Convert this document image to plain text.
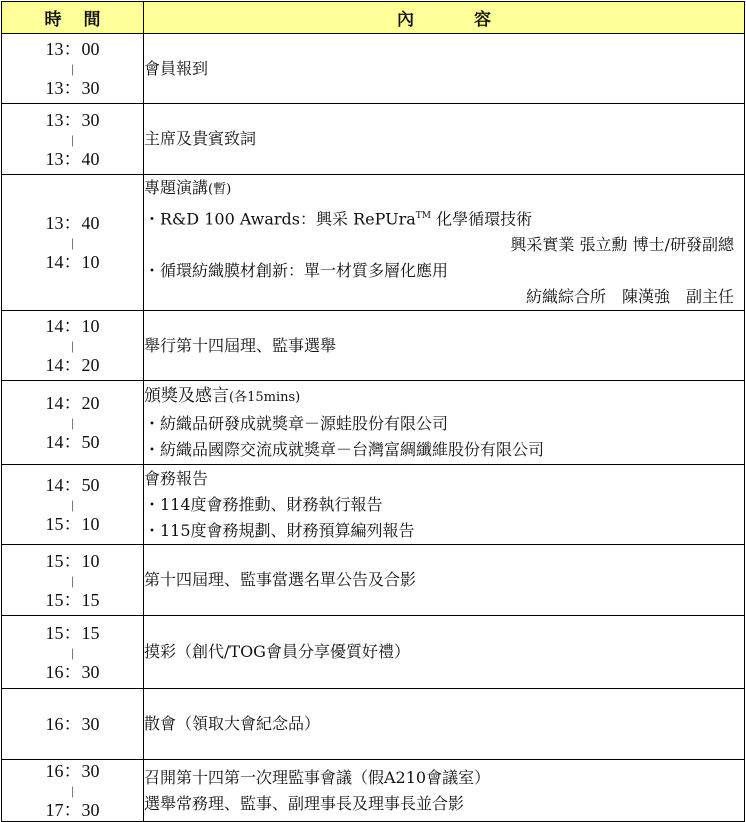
時間	內容

13：00
|
13：30	會員報到

13：30
|
13：40	主席及貴賓致詞

13：40
|
14：10	專題演講(暫)
・R&D 100 Awards：興采 RePUra™ 化學循環技術
興采實業 張立勳 博士/研發副總
・循環紡織膜材創新：單一材質多層化應用
紡織綜合所　陳漢強　副主任

14：10
|
14：20	舉行第十四屆理、監事選舉

14：20
|
14：50	頒獎及感言(各15mins)
・紡織品研發成就獎章－源蛙股份有限公司
・紡織品國際交流成就獎章－台灣富綢纖維股份有限公司

14：50
|
15：10	會務報告
・114度會務推動、財務執行報告
・115度會務規劃、財務預算編列報告

15：10
|
15：15	第十四屆理、監事當選名單公告及合影

15：15
|
16：30	摸彩（創代/TOG會員分享優質好禮）

16：30	散會（領取大會紀念品）

16：30
|
17：30	召開第十四第一次理監事會議（假A210會議室）
選舉常務理、監事、副理事長及理事長並合影
